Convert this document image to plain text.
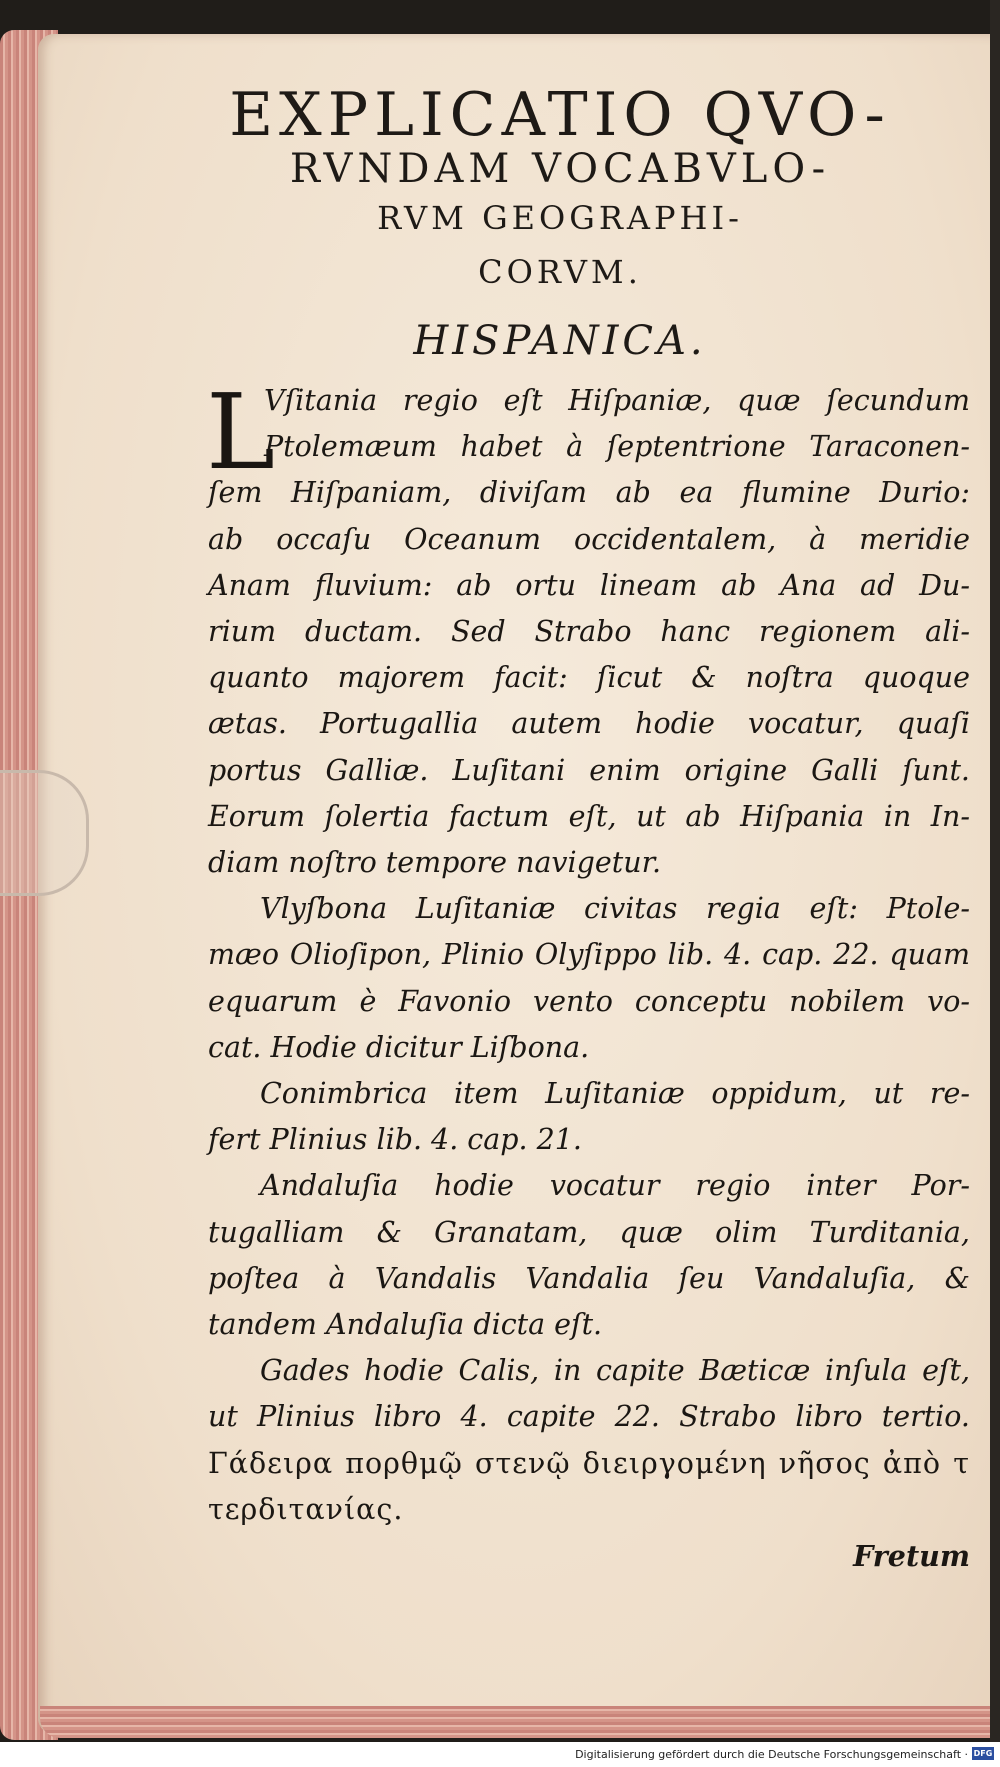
EXPLICATIO QVO-
RVNDAM VOCABVLO-
RVM GEOGRAPHI-
CORVM.
HISPANICA.
L
Vſitania regio eſt Hiſpaniæ, quæ ſecundum
Ptolemæum habet à ſeptentrione Taraconen-
ſem Hiſpaniam, diviſam ab ea flumine Durio:
ab occaſu Oceanum occidentalem, à meridie
Anam fluvium: ab ortu lineam ab Ana ad Du-
rium ductam. Sed Strabo hanc regionem ali-
quanto majorem facit: ſicut & noſtra quoque
ætas. Portugallia autem hodie vocatur, quaſi
portus Galliæ. Luſitani enim origine Galli ſunt.
Eorum ſolertia factum eſt, ut ab Hiſpania in In-
diam noſtro tempore navigetur.
Vlyſbona Luſitaniæ civitas regia eſt: Ptole-
mæo Olioſipon, Plinio Olyſippo lib. 4. cap. 22. quam
equarum è Favonio vento conceptu nobilem vo-
cat. Hodie dicitur Liſbona.
Conimbrica item Luſitaniæ oppidum, ut re-
fert Plinius lib. 4. cap. 21.
Andaluſia hodie vocatur regio inter Por-
tugalliam & Granatam, quæ olim Turditania,
poſtea à Vandalis Vandalia ſeu Vandaluſia, &
tandem Andaluſia dicta eſt.
Gades hodie Calis, in capite Bæticæ inſula eſt,
ut Plinius libro 4. capite 22. Strabo libro tertio.
Γάδειρα πορθμῷ στενῷ διειργομένη νῆσος ἀπὸ τ
τερδιτανίας.
Fretum
Digitalisierung gefördert durch die Deutsche Forschungsgemeinschaft · DFG
